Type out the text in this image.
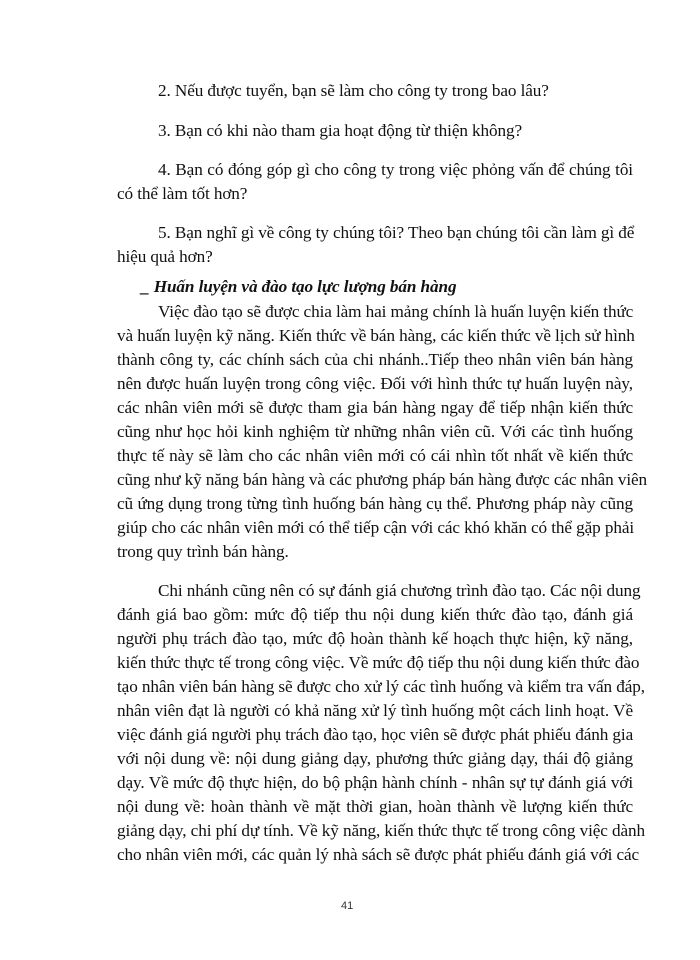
2. Nếu được tuyển, bạn sẽ làm cho công ty trong bao lâu?
3. Bạn có khi nào tham gia hoạt động từ thiện không?
4. Bạn có đóng góp gì cho công ty trong việc phỏng vấn để chúng tôi
có thể làm tốt hơn?
5. Bạn nghĩ gì về công ty chúng tôi? Theo bạn chúng tôi cần làm gì để
hiệu quả hơn?
_ Huấn luyện và đào tạo lực lượng bán hàng
Việc đào tạo sẽ được chia làm hai mảng chính là huấn luyện kiến thức
và huấn luyện kỹ năng. Kiến thức về bán hàng, các kiến thức về lịch sử hình
thành công ty, các chính sách của chi nhánh..Tiếp theo nhân viên bán hàng
nên được huấn luyện trong công việc. Đối với hình thức tự huấn luyện này,
các nhân viên mới sẽ được tham gia bán hàng ngay để tiếp nhận kiến thức
cũng như học hỏi kinh nghiệm từ những nhân viên cũ. Với các tình huống
thực tế này sẽ làm cho các nhân viên mới có cái nhìn tốt nhất về kiến thức
cũng như kỹ năng bán hàng và các phương pháp bán hàng được các nhân viên
cũ ứng dụng trong từng tình huống bán hàng cụ thể. Phương pháp này cũng
giúp cho các nhân viên mới có thể tiếp cận với các khó khăn có thể gặp phải
trong quy trình bán hàng.
Chi nhánh cũng nên có sự đánh giá chương trình đào tạo. Các nội dung
đánh giá bao gồm: mức độ tiếp thu nội dung kiến thức đào tạo, đánh giá
người phụ trách đào tạo, mức độ hoàn thành kế hoạch thực hiện, kỹ năng,
kiến thức thực tế trong công việc. Về mức độ tiếp thu nội dung kiến thức đào
tạo nhân viên bán hàng sẽ được cho xử lý các tình huống và kiểm tra vấn đáp,
nhân viên đạt là người có khả năng xử lý tình huống một cách linh hoạt. Về
việc đánh giá người phụ trách đào tạo, học viên sẽ được phát phiếu đánh gia
với nội dung về: nội dung giảng dạy, phương thức giảng dạy, thái độ giảng
dạy. Về mức độ thực hiện, do bộ phận hành chính - nhân sự tự đánh giá với
nội dung về: hoàn thành về mặt thời gian, hoàn thành về lượng kiến thức
giảng dạy, chi phí dự tính. Về kỹ năng, kiến thức thực tế trong công việc dành
cho nhân viên mới, các quản lý nhà sách sẽ được phát phiếu đánh giá với các
41
